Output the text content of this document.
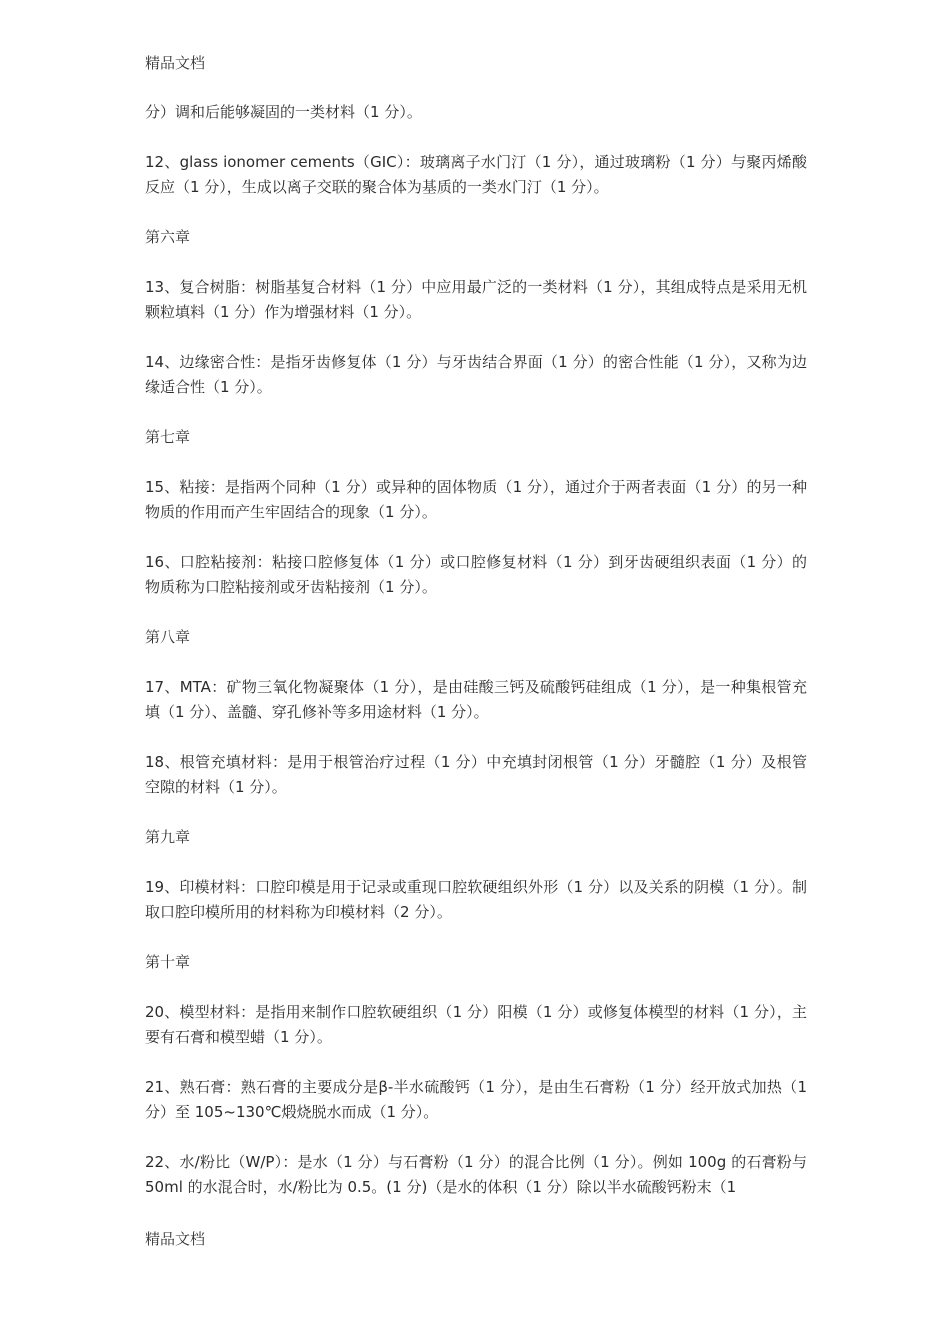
精品文档

分）调和后能够凝固的一类材料（1 分）。

12、glass ionomer cements（GIC）：玻璃离子水门汀（1 分），通过玻璃粉（1 分）与聚丙烯酸反应（1 分），生成以离子交联的聚合体为基质的一类水门汀（1 分）。

第六章

13、复合树脂：树脂基复合材料（1 分）中应用最广泛的一类材料（1 分），其组成特点是采用无机颗粒填料（1 分）作为增强材料（1 分）。

14、边缘密合性：是指牙齿修复体（1 分）与牙齿结合界面（1 分）的密合性能（1 分），又称为边缘适合性（1 分）。

第七章

15、粘接：是指两个同种（1 分）或异种的固体物质（1 分），通过介于两者表面（1 分）的另一种物质的作用而产生牢固结合的现象（1 分）。

16、口腔粘接剂：粘接口腔修复体（1 分）或口腔修复材料（1 分）到牙齿硬组织表面（1 分）的物质称为口腔粘接剂或牙齿粘接剂（1 分）。

第八章

17、MTA：矿物三氧化物凝聚体（1 分），是由硅酸三钙及硫酸钙硅组成（1 分），是一种集根管充填（1 分）、盖髓、穿孔修补等多用途材料（1 分）。

18、根管充填材料：是用于根管治疗过程（1 分）中充填封闭根管（1 分）牙髓腔（1 分）及根管空隙的材料（1 分）。

第九章

19、印模材料：口腔印模是用于记录或重现口腔软硬组织外形（1 分）以及关系的阴模（1 分）。制取口腔印模所用的材料称为印模材料（2 分）。

第十章

20、模型材料：是指用来制作口腔软硬组织（1 分）阳模（1 分）或修复体模型的材料（1 分），主要有石膏和模型蜡（1 分）。

21、熟石膏：熟石膏的主要成分是β-半水硫酸钙（1 分），是由生石膏粉（1 分）经开放式加热（1 分）至 105~130℃煅烧脱水而成（1 分）。

22、水/粉比（W/P）：是水（1 分）与石膏粉（1 分）的混合比例（1 分）。例如 100g 的石膏粉与 50ml 的水混合时，水/粉比为 0.5。(1 分)（是水的体积（1 分）除以半水硫酸钙粉末（1

精品文档
